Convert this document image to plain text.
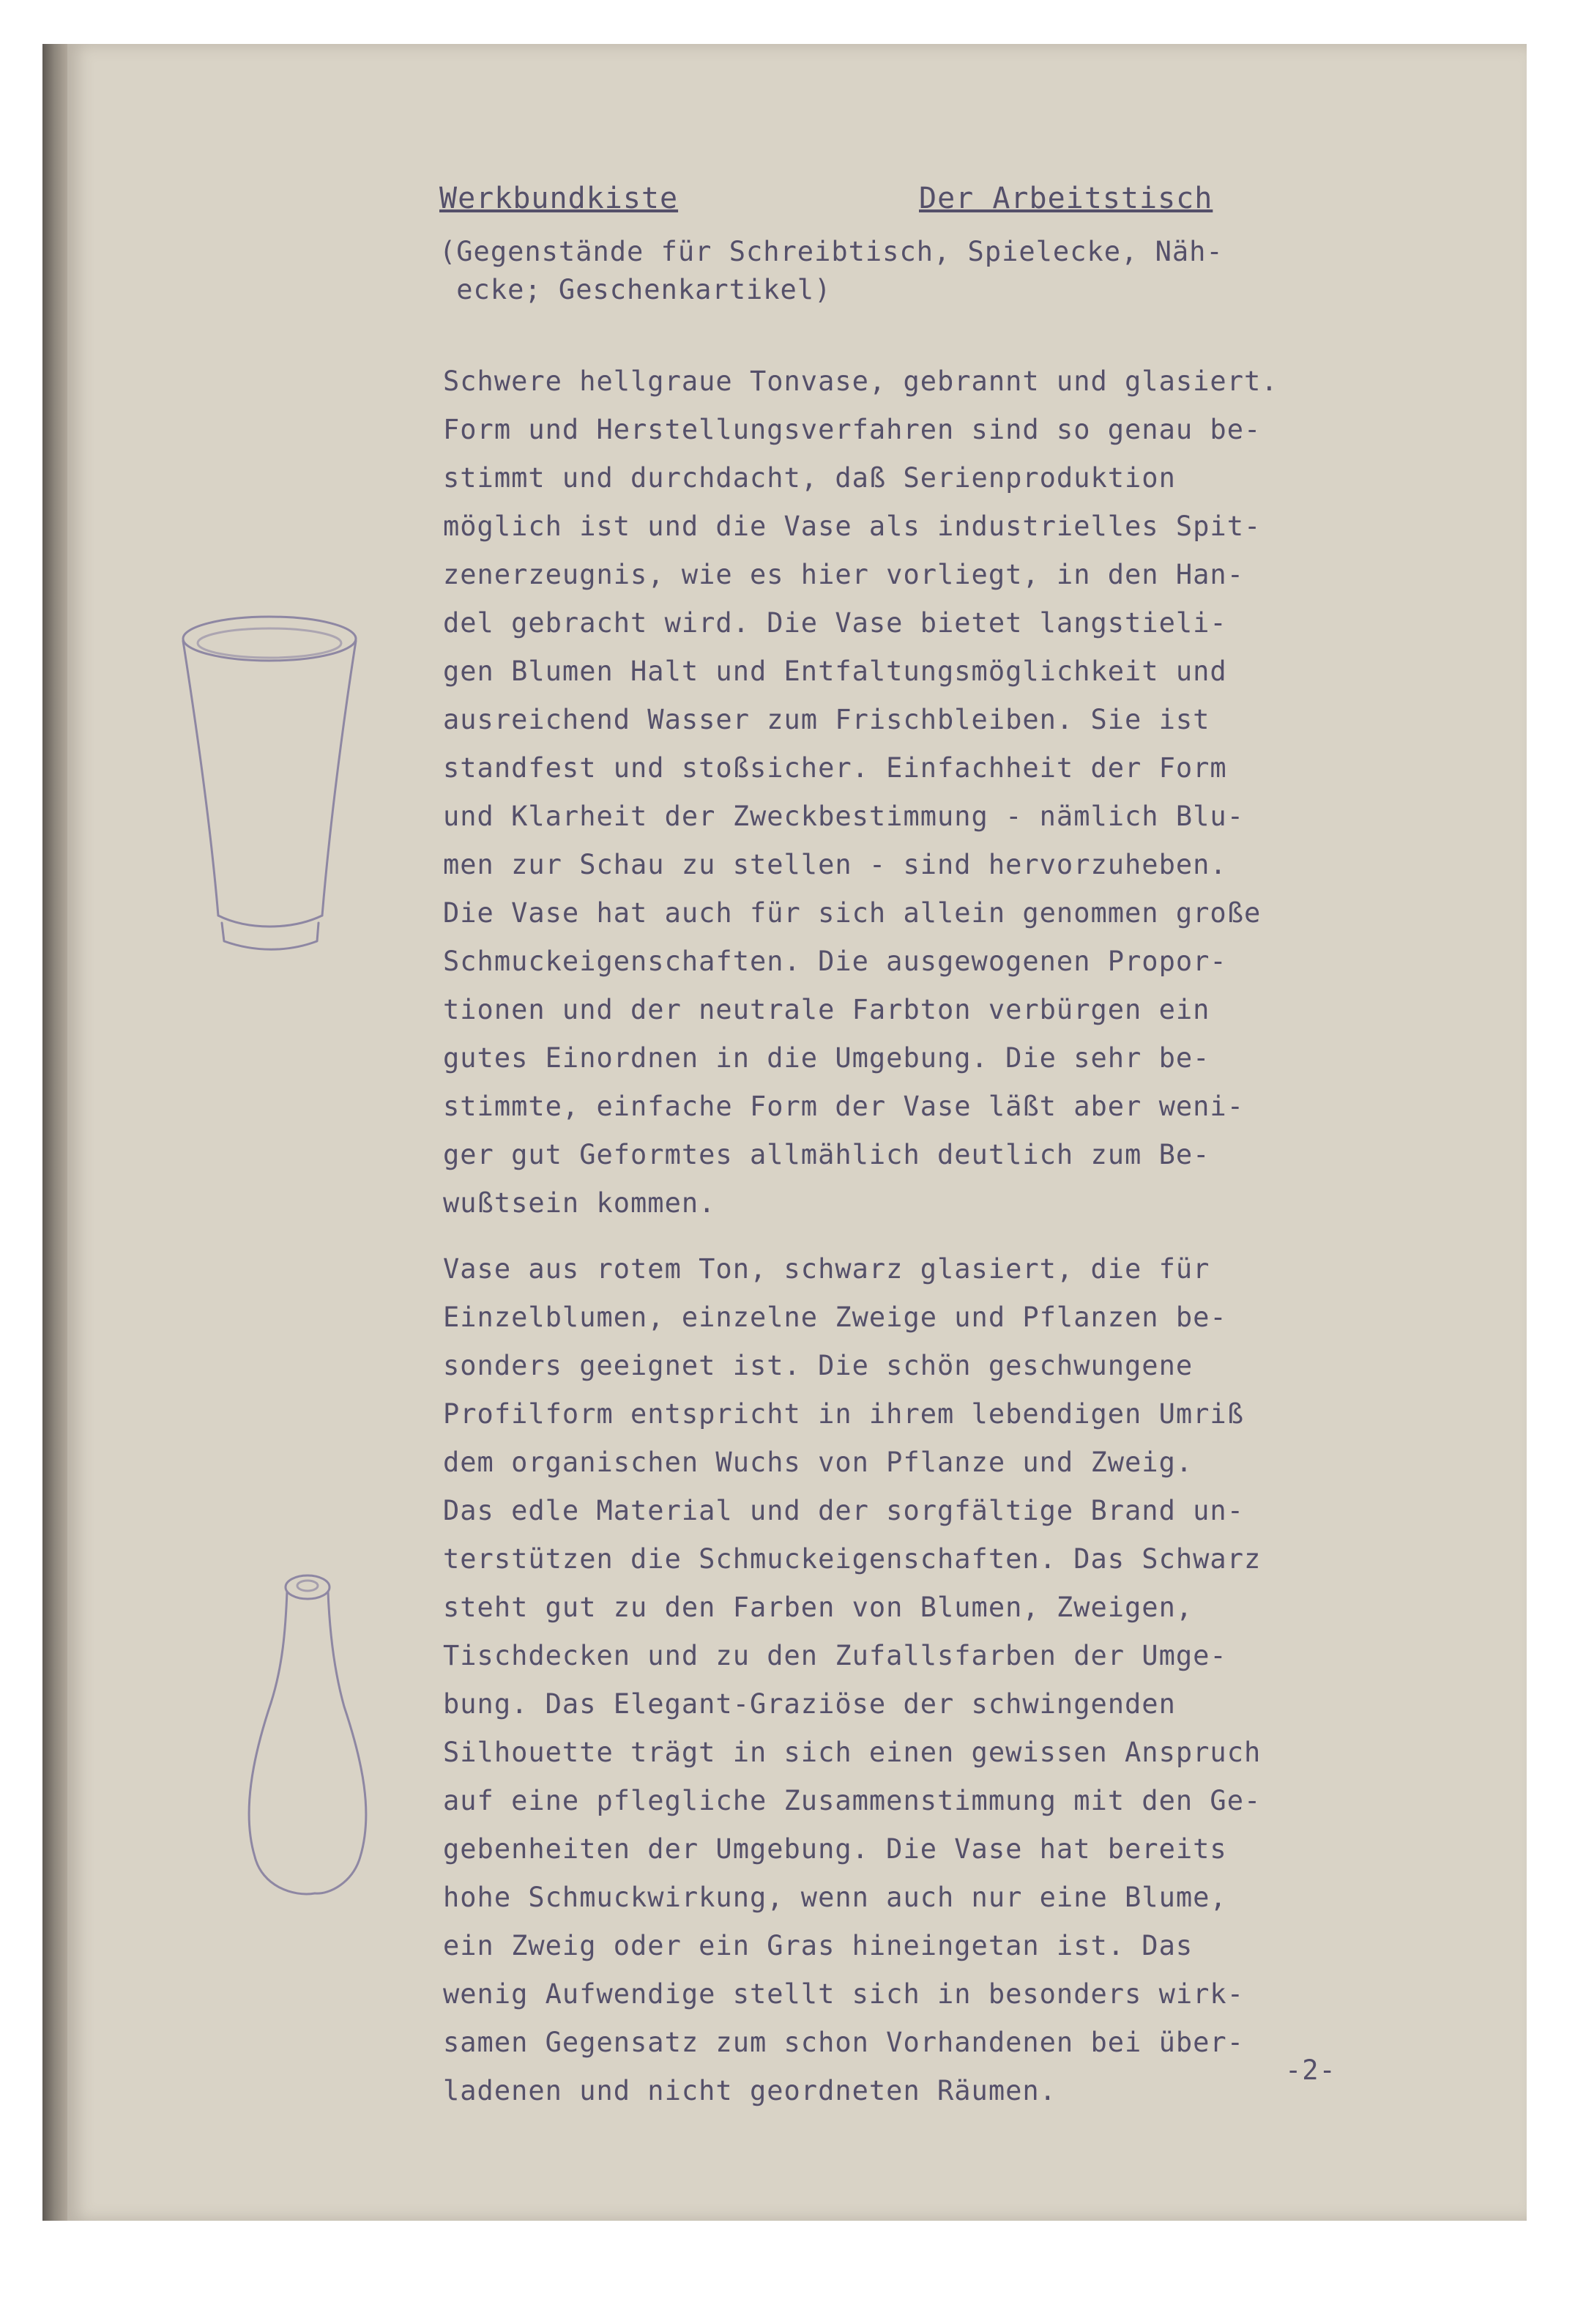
Werkbundkiste	Der Arbeitstisch
(Gegenstände für Schreibtisch, Spielecke, Näh-
ecke; Geschenkartikel)
Schwere hellgraue Tonvase, gebrannt und glasiert.
Form und Herstellungsverfahren sind so genau be-
stimmt und durchdacht, daß Serienproduktion
möglich ist und die Vase als industrielles Spit-
zenerzeugnis, wie es hier vorliegt, in den Han-
del gebracht wird. Die Vase bietet langstieli-
gen Blumen Halt und Entfaltungsmöglichkeit und
ausreichend Wasser zum Frischbleiben. Sie ist
standfest und stoßsicher. Einfachheit der Form
und Klarheit der Zweckbestimmung - nämlich Blu-
men zur Schau zu stellen - sind hervorzuheben.
Die Vase hat auch für sich allein genommen große
Schmuckeigenschaften. Die ausgewogenen Propor-
tionen und der neutrale Farbton verbürgen ein
gutes Einordnen in die Umgebung. Die sehr be-
stimmte, einfache Form der Vase läßt aber weni-
ger gut Geformtes allmählich deutlich zum Be-
wußtsein kommen.
Vase aus rotem Ton, schwarz glasiert, die für
Einzelblumen, einzelne Zweige und Pflanzen be-
sonders geeignet ist. Die schön geschwungene
Profilform entspricht in ihrem lebendigen Umriß
dem organischen Wuchs von Pflanze und Zweig.
Das edle Material und der sorgfältige Brand un-
terstützen die Schmuckeigenschaften. Das Schwarz
steht gut zu den Farben von Blumen, Zweigen,
Tischdecken und zu den Zufallsfarben der Umge-
bung. Das Elegant-Graziöse der schwingenden
Silhouette trägt in sich einen gewissen Anspruch
auf eine pflegliche Zusammenstimmung mit den Ge-
gebenheiten der Umgebung. Die Vase hat bereits
hohe Schmuckwirkung, wenn auch nur eine Blume,
ein Zweig oder ein Gras hineingetan ist. Das
wenig Aufwendige stellt sich in besonders wirk-
samen Gegensatz zum schon Vorhandenen bei über-
ladenen und nicht geordneten Räumen.
-2-
